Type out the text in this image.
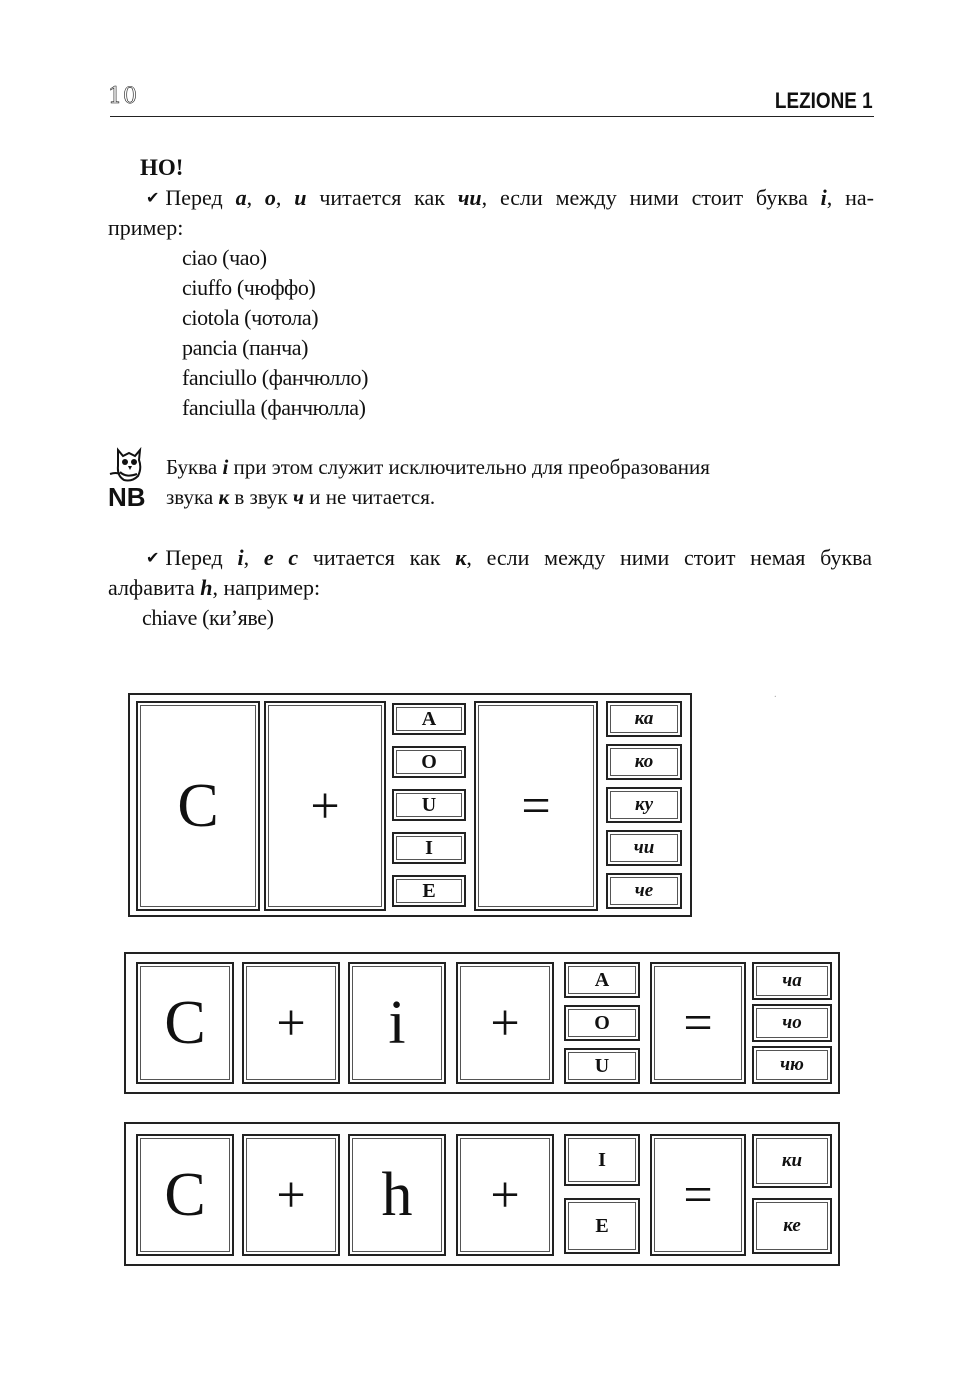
10	LEZIONE 1
НО!
✔ Перед а, о, и читается как чи, если между ними стоит буква i, на-
пример:
ciao (чао)
ciuffo (чюффо)
ciotola (чотола)
pancia (панча)
fanciullo (фанчюлло)
fanciulla (фанчюлла)
NB
Буква i при этом служит исключительно для преобразования
звука к в звук ч и не читается.
✔ Перед i, е с читается как к, если между ними стоит немая буква
алфавита h, например:
chiave (ки’яве)
·
C	+
A
O
U
I
E
=
ка
ко
ку
чи
че
C	+	i	+
A
O
U
=
ча
чо
чю
C	+	h	+
I
E
=
ки
ке
